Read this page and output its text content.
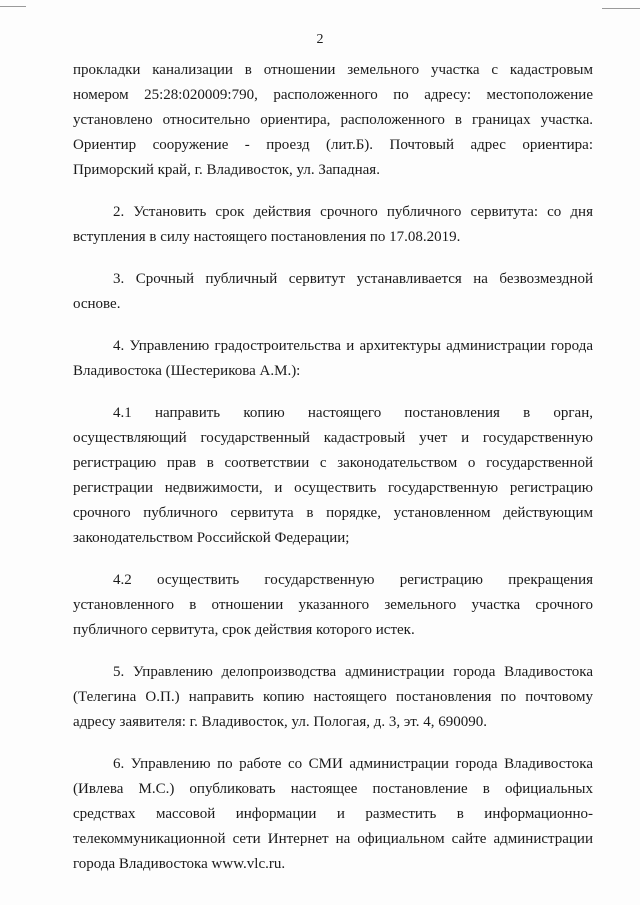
2
прокладки канализации в отношении земельного участка с кадастровым
номером 25:28:020009:790, расположенного по адресу: местоположение
установлено относительно ориентира, расположенного в границах участка.
Ориентир сооружение - проезд (лит.Б). Почтовый адрес ориентира:
Приморский край, г. Владивосток, ул. Западная.
2. Установить срок действия срочного публичного сервитута: со дня
вступления в силу настоящего постановления по 17.08.2019.
3. Срочный публичный сервитут устанавливается на безвозмездной
основе.
4. Управлению градостроительства и архитектуры администрации города
Владивостока (Шестерикова А.М.):
4.1 направить копию настоящего постановления в орган,
осуществляющий государственный кадастровый учет и государственную
регистрацию прав в соответствии с законодательством о государственной
регистрации недвижимости, и осуществить государственную регистрацию
срочного публичного сервитута в порядке, установленном действующим
законодательством Российской Федерации;
4.2 осуществить государственную регистрацию прекращения
установленного в отношении указанного земельного участка срочного
публичного сервитута, срок действия которого истек.
5. Управлению делопроизводства администрации города Владивостока
(Телегина О.П.) направить копию настоящего постановления по почтовому
адресу заявителя: г. Владивосток, ул. Пологая, д. 3, эт. 4, 690090.
6. Управлению по работе со СМИ администрации города Владивостока
(Ивлева М.С.) опубликовать настоящее постановление в официальных
средствах массовой информации и разместить в информационно-
телекоммуникационной сети Интернет на официальном сайте администрации
города Владивостока www.vlc.ru.
